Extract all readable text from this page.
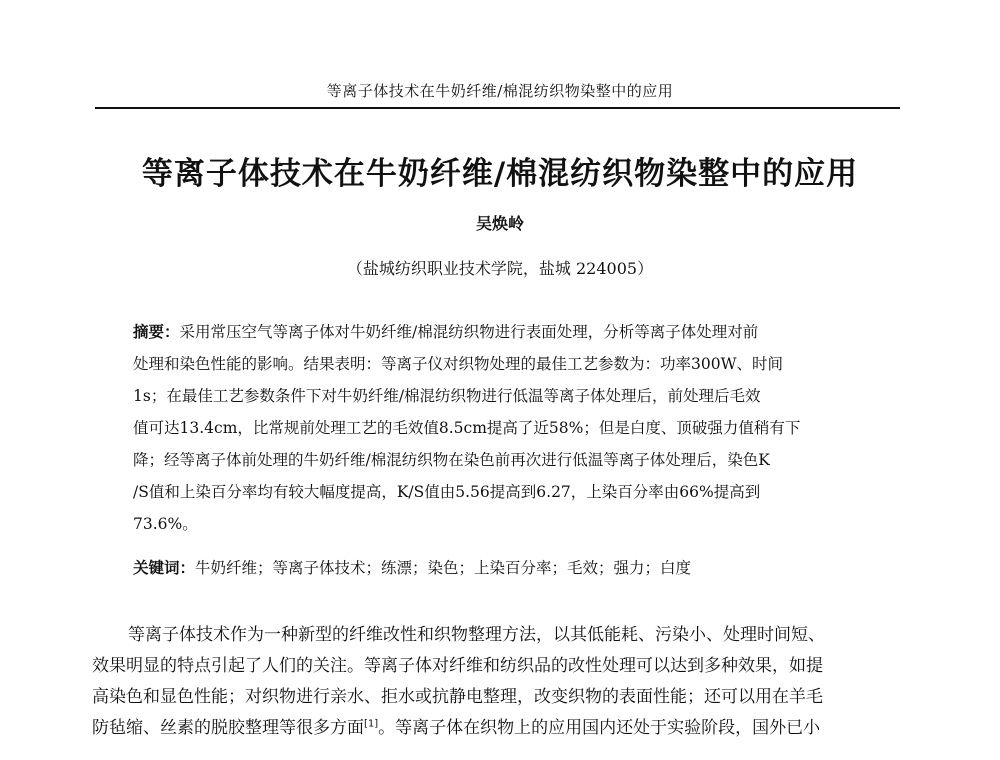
等离子体技术在牛奶纤维/棉混纺织物染整中的应用
等离子体技术在牛奶纤维/棉混纺织物染整中的应用
吴焕岭
（盐城纺织职业技术学院，盐城 224005）
摘要：采用常压空气等离子体对牛奶纤维/棉混纺织物进行表面处理，分析等离子体处理对前
处理和染色性能的影响。结果表明：等离子仪对织物处理的最佳工艺参数为：功率300W、时间
1s；在最佳工艺参数条件下对牛奶纤维/棉混纺织物进行低温等离子体处理后，前处理后毛效
值可达13.4cm，比常规前处理工艺的毛效值8.5cm提高了近58%；但是白度、顶破强力值稍有下
降；经等离子体前处理的牛奶纤维/棉混纺织物在染色前再次进行低温等离子体处理后，染色K
/S值和上染百分率均有较大幅度提高，K/S值由5.56提高到6.27，上染百分率由66%提高到
73.6%。
关键词：牛奶纤维；等离子体技术；练漂；染色；上染百分率；毛效；强力；白度
等离子体技术作为一种新型的纤维改性和织物整理方法，以其低能耗、污染小、处理时间短、
效果明显的特点引起了人们的关注。等离子体对纤维和纺织品的改性处理可以达到多种效果，如提
高染色和显色性能；对织物进行亲水、拒水或抗静电整理，改变织物的表面性能；还可以用在羊毛
防毡缩、丝素的脱胶整理等很多方面[1]。等离子体在织物上的应用国内还处于实验阶段，国外已小
